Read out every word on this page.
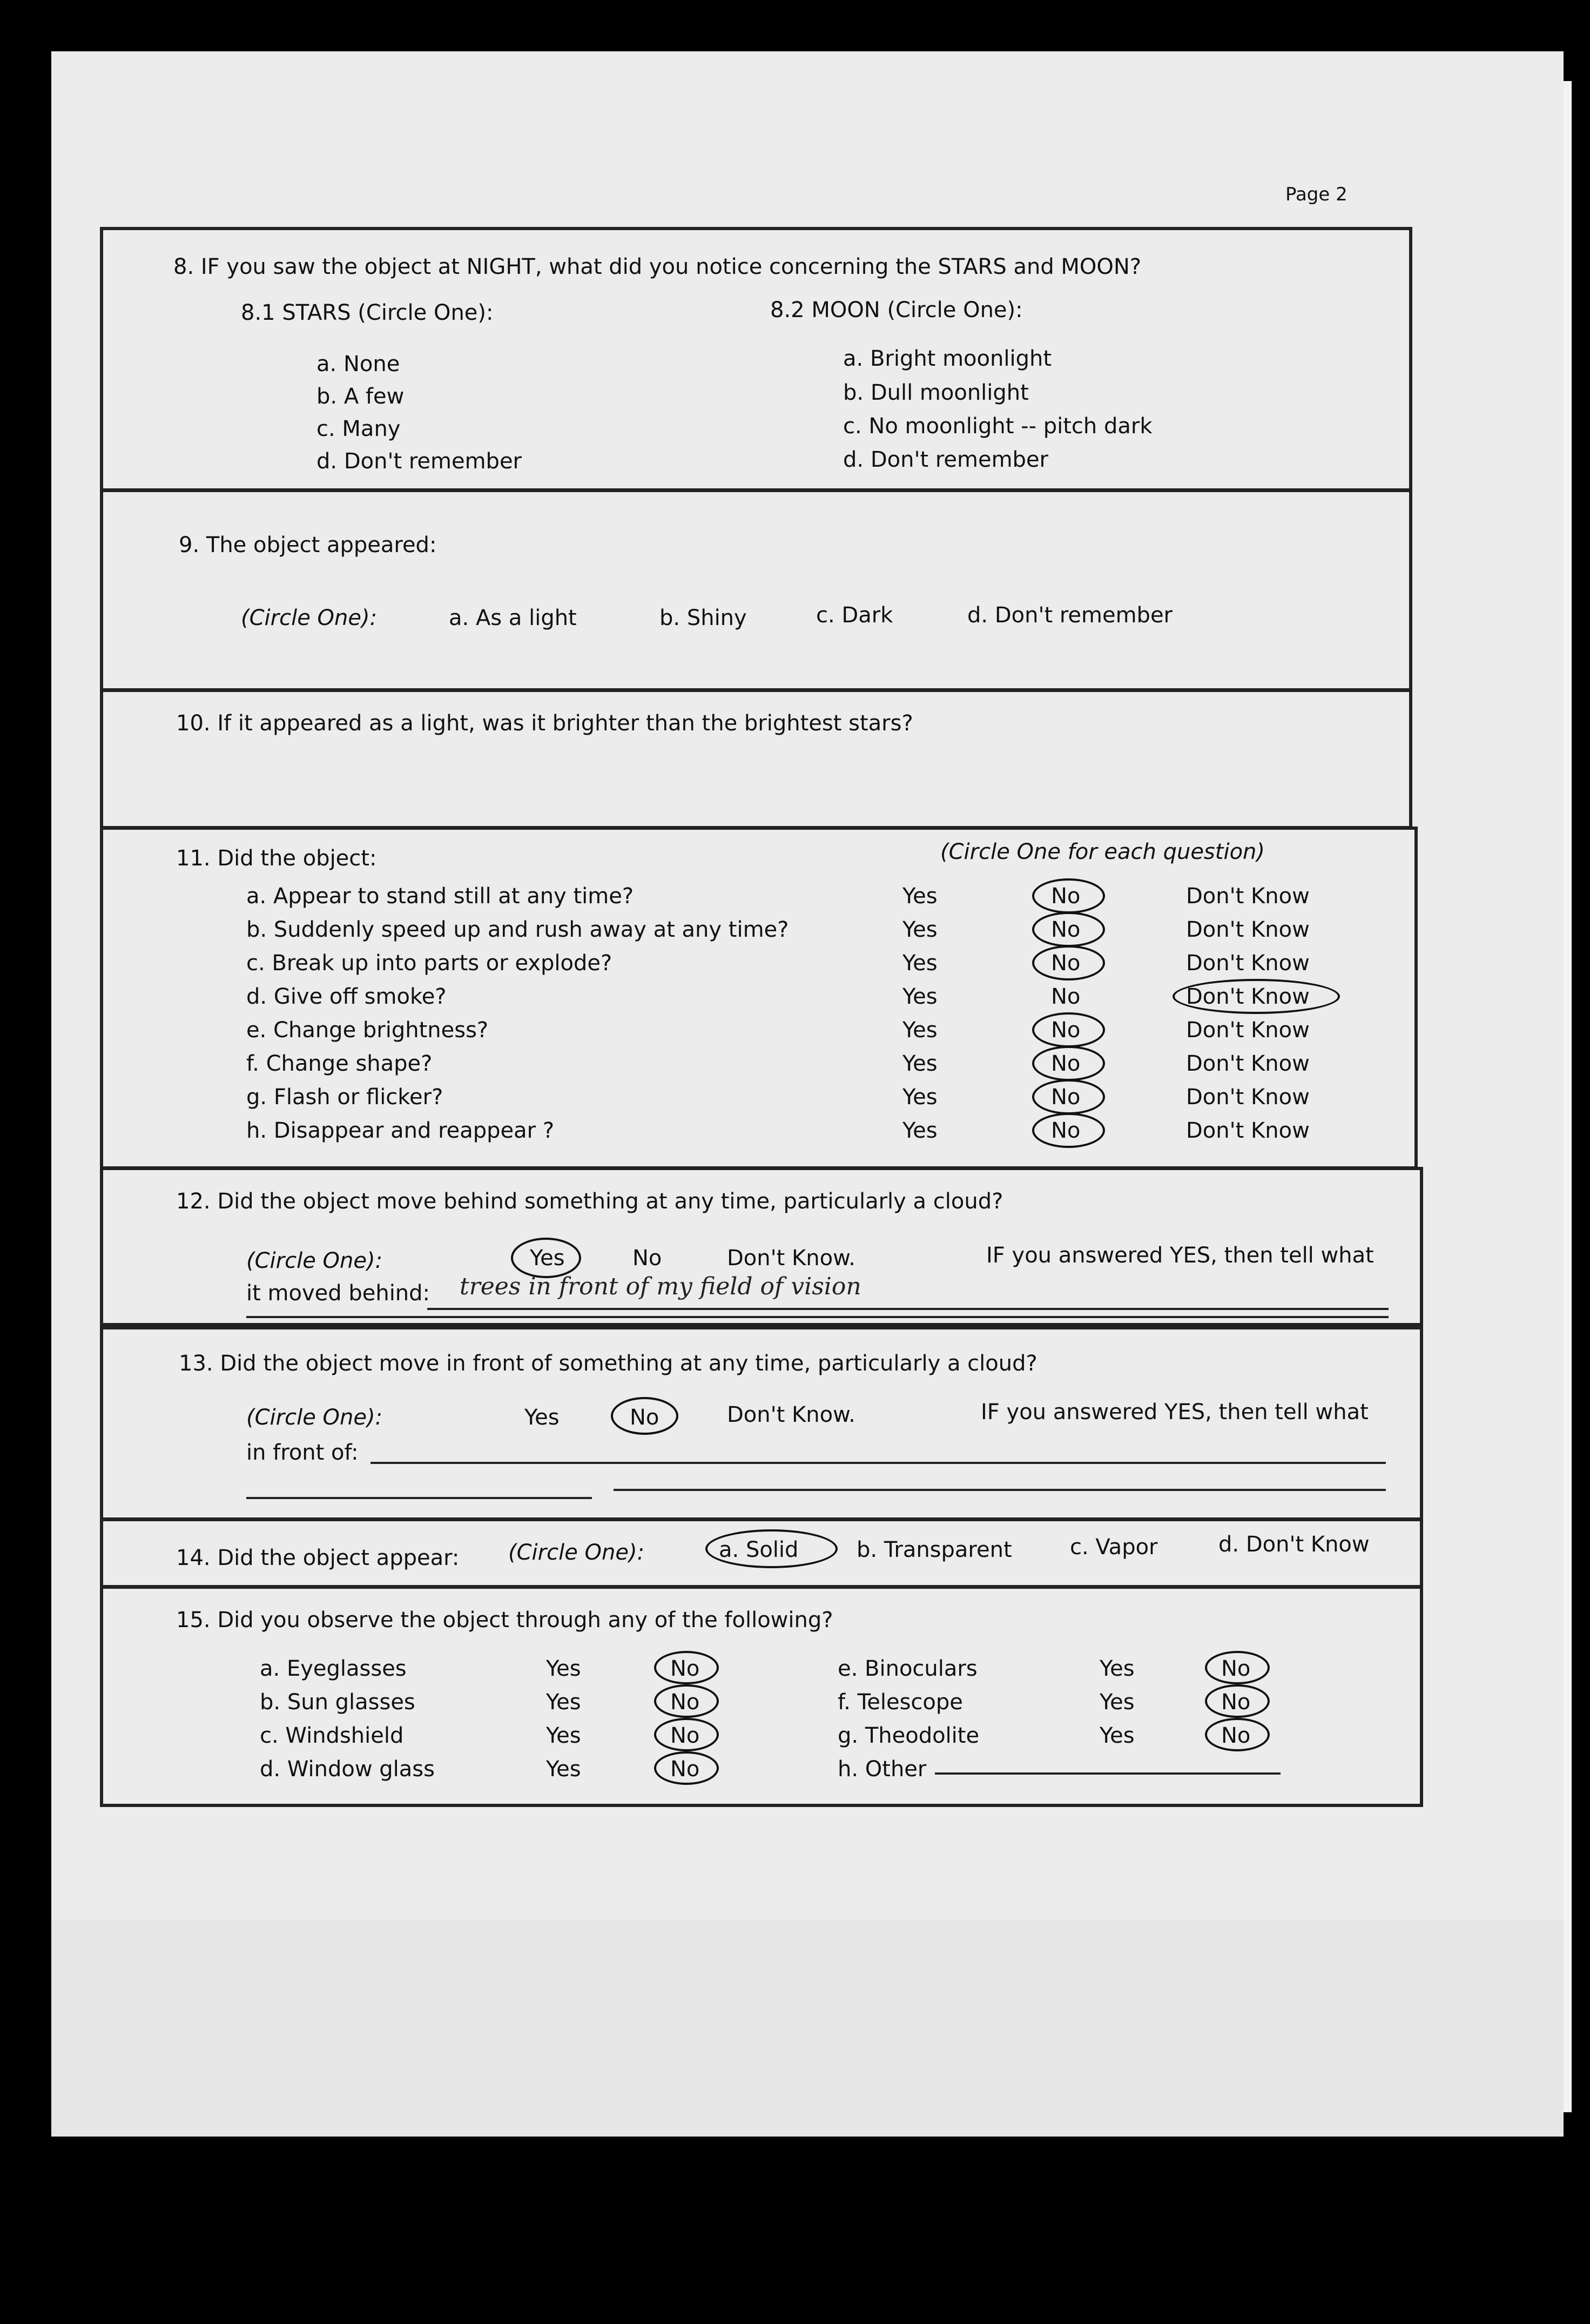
Page 2
8. IF you saw the object at NIGHT, what did you notice concerning the STARS and MOON?
8.1 STARS (Circle One):	8.2 MOON (Circle One):
a. None
b. A few
c. Many
d. Don't remember
a. Bright moonlight
b. Dull moonlight
c. No moonlight -- pitch dark
d. Don't remember
9. The object appeared:
(Circle One):	a. As a light	b. Shiny	c. Dark	d. Don't remember
10. If it appeared as a light, was it brighter than the brightest stars?
11. Did the object:	(Circle One for each question)
a. Appear to stand still at any time?	Yes	No	Don't Know
b. Suddenly speed up and rush away at any time?	Yes	No	Don't Know
c. Break up into parts or explode?	Yes	No	Don't Know
d. Give off smoke?	Yes	No	Don't Know
e. Change brightness?	Yes	No	Don't Know
f. Change shape?	Yes	No	Don't Know
g. Flash or flicker?	Yes	No	Don't Know
h. Disappear and reappear ?	Yes	No	Don't Know
12. Did the object move behind something at any time, particularly a cloud?
(Circle One):	Yes	No	Don't Know.	IF you answered YES, then tell what
it moved behind: trees in front of my field of vision
13. Did the object move in front of something at any time, particularly a cloud?
(Circle One):	Yes	No	Don't Know.	IF you answered YES, then tell what
in front of:
14. Did the object appear: (Circle One):	a. Solid	b. Transparent	c. Vapor	d. Don't Know
15. Did you observe the object through any of the following?
a. Eyeglasses	Yes	No
b. Sun glasses	Yes	No
c. Windshield	Yes	No
d. Window glass	Yes	No
e. Binoculars	Yes	No
f. Telescope	Yes	No
g. Theodolite	Yes	No
h. Other
